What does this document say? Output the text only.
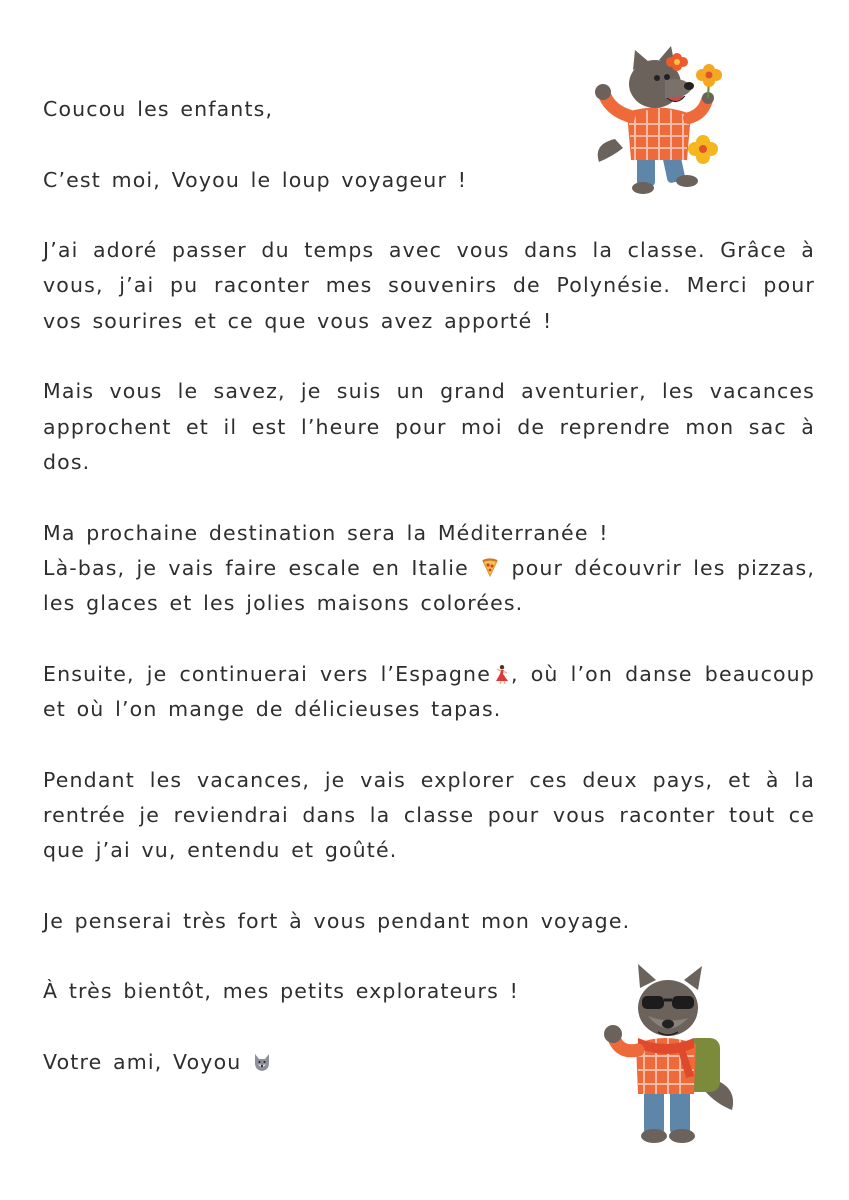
Coucou les enfants,

C’est moi, Voyou le loup voyageur !

J’ai adoré passer du temps avec vous dans la classe. Grâce à vous, j’ai pu raconter mes souvenirs de Polynésie. Merci pour vos sourires et ce que vous avez apporté !

Mais vous le savez, je suis un grand aventurier, les vacances approchent et il est l’heure pour moi de reprendre mon sac à dos.

Ma prochaine destination sera la Méditerranée !
Là-bas, je vais faire escale en Italie pour découvrir les pizzas, les glaces et les jolies maisons colorées.

Ensuite, je continuerai vers l’Espagne , où l’on danse beaucoup et où l’on mange de délicieuses tapas.

Pendant les vacances, je vais explorer ces deux pays, et à la rentrée je reviendrai dans la classe pour vous raconter tout ce que j’ai vu, entendu et goûté.

Je penserai très fort à vous pendant mon voyage.

À très bientôt, mes petits explorateurs !

Votre ami, Voyou
